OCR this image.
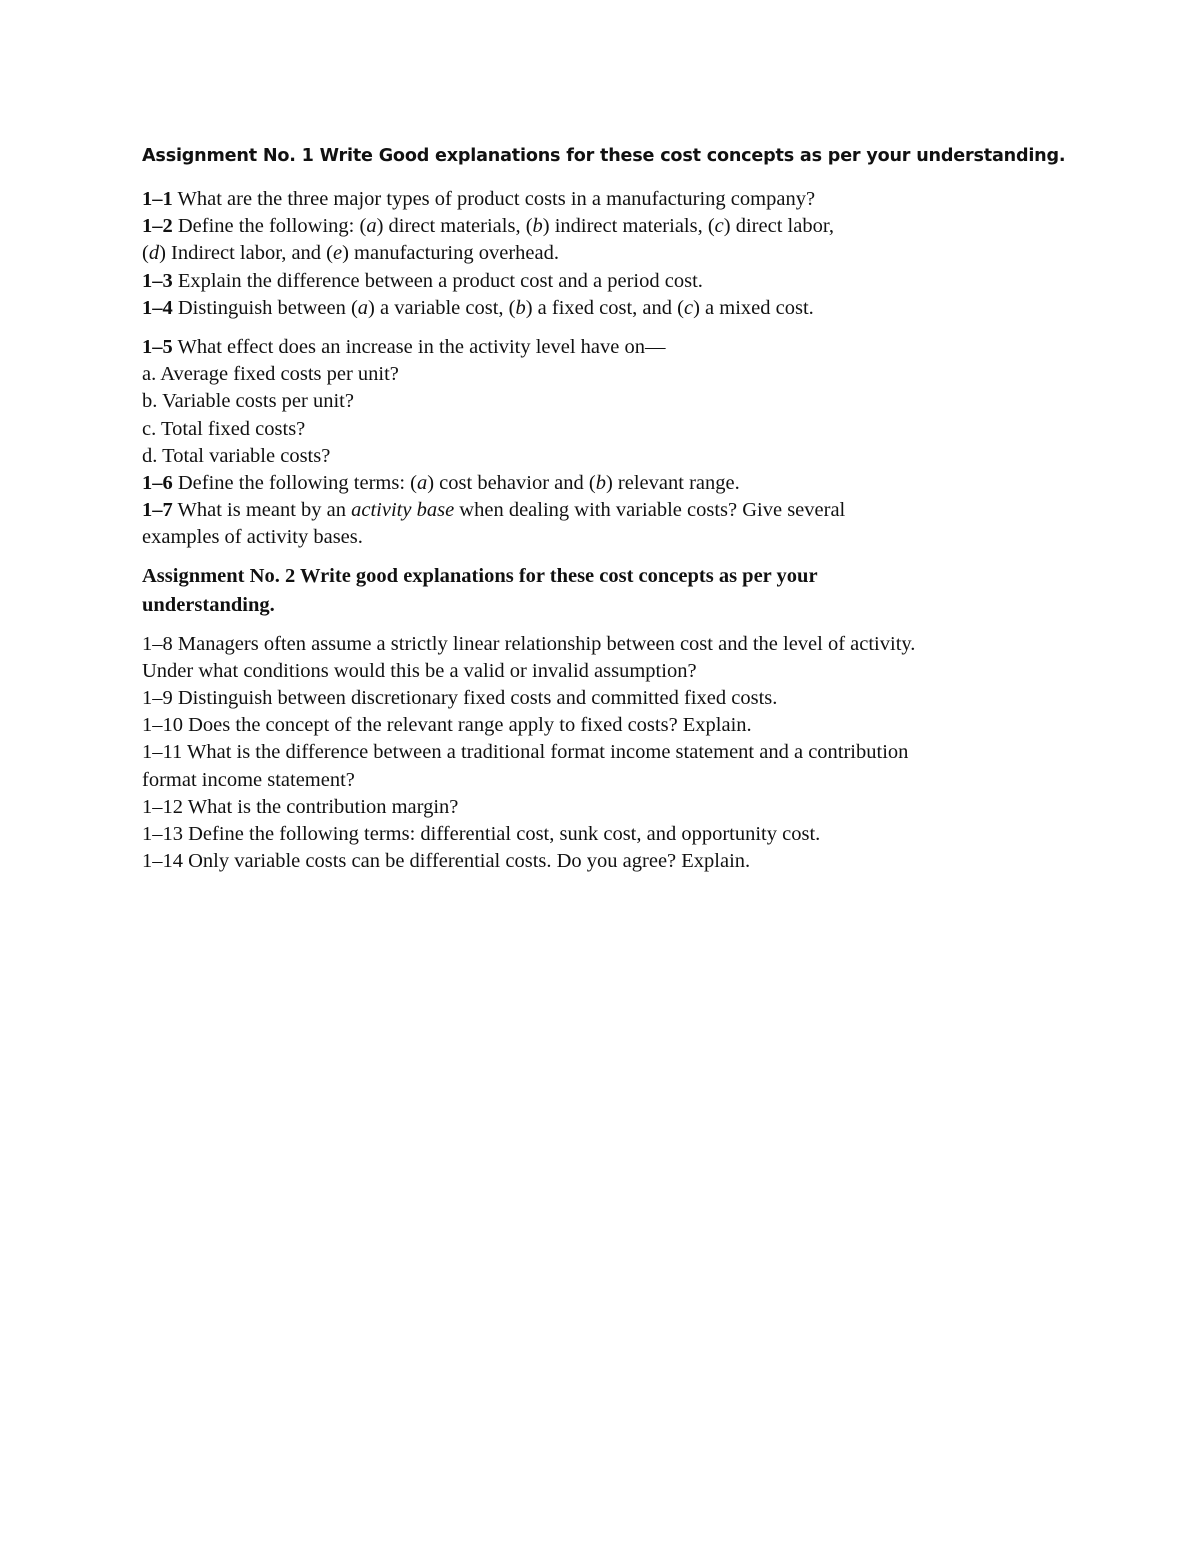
Assignment No. 1 Write Good explanations for these cost concepts as per your understanding.

1–1 What are the three major types of product costs in a manufacturing company?

1–2 Define the following: (a) direct materials, (b) indirect materials, (c) direct labor,

(d) Indirect labor, and (e) manufacturing overhead.

1–3 Explain the difference between a product cost and a period cost.

1–4 Distinguish between (a) a variable cost, (b) a fixed cost, and (c) a mixed cost.

1–5 What effect does an increase in the activity level have on—

a. Average fixed costs per unit?

b. Variable costs per unit?

c. Total fixed costs?

d. Total variable costs?

1–6 Define the following terms: (a) cost behavior and (b) relevant range.

1–7 What is meant by an activity base when dealing with variable costs? Give several

examples of activity bases.

Assignment No. 2 Write good explanations for these cost concepts as per your understanding.

1–8 Managers often assume a strictly linear relationship between cost and the level of activity.

Under what conditions would this be a valid or invalid assumption?

1–9 Distinguish between discretionary fixed costs and committed fixed costs.

1–10 Does the concept of the relevant range apply to fixed costs? Explain.

1–11 What is the difference between a traditional format income statement and a contribution

format income statement?

1–12 What is the contribution margin?

1–13 Define the following terms: differential cost, sunk cost, and opportunity cost.

1–14 Only variable costs can be differential costs. Do you agree? Explain.
